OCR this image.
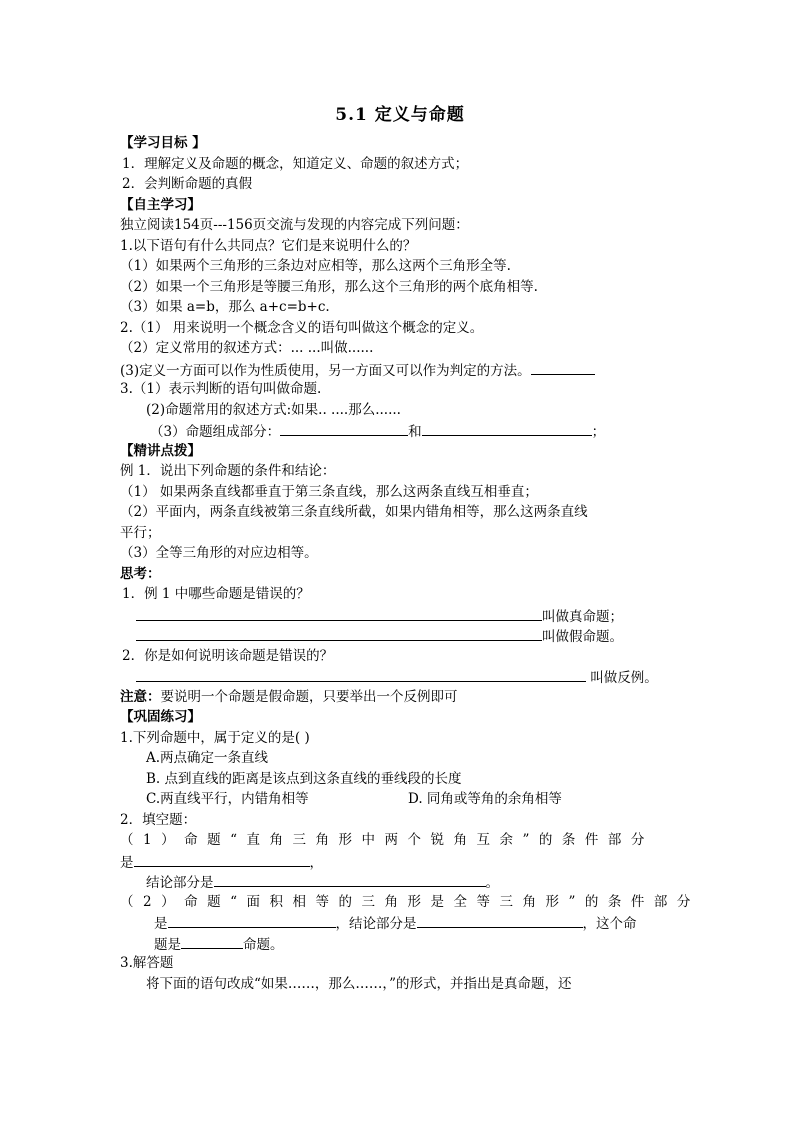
5.1 定义与命题
【学习目标 】
1．理解定义及命题的概念，知道定义、命题的叙述方式；
2．会判断命题的真假
【自主学习】
独立阅读154页---156页交流与发现的内容完成下列问题：
1.以下语句有什么共同点？它们是来说明什么的？
（1）如果两个三角形的三条边对应相等，那么这两个三角形全等.
（2）如果一个三角形是等腰三角形，那么这个三角形的两个底角相等.
（3）如果 a=b，那么 a+c=b+c.
2.（1） 用来说明一个概念含义的语句叫做这个概念的定义。
（2）定义常用的叙述方式：... ...叫做......
(3)定义一方面可以作为性质使用，另一方面又可以作为判定的方法。
3.（1）表示判断的语句叫做命题.
(2)命题常用的叙述方式:如果.. ....那么......
（3）命题组成部分：	和	；
【精讲点拨】
例 1．说出下列命题的条件和结论：
（1） 如果两条直线都垂直于第三条直线，那么这两条直线互相垂直；
（2）平面内，两条直线被第三条直线所截，如果内错角相等，那么这两条直线
平行；
（3）全等三角形的对应边相等。
思考：
1．例 1 中哪些命题是错误的？
叫做真命题；
叫做假命题。
2．你是如何说明该命题是错误的？
叫做反例。
注意：要说明一个命题是假命题，只要举出一个反例即可
【巩固练习】
1.下列命题中，属于定义的是( )
A.两点确定一条直线
B. 点到直线的距离是该点到这条直线的垂线段的长度
C.两直线平行，内错角相等	D. 同角或等角的余角相等
2．填空题：
（1）命题“直角三角形中两个锐角互余”的条件部分
是	，
结论部分是	。
（2）命题“面积相等的三角形是全等三角形”的条件部分
是	，结论部分是	，这个命
题是	命题。
3.解答题
将下面的语句改成“如果……，那么……，”的形式，并指出是真命题，还
